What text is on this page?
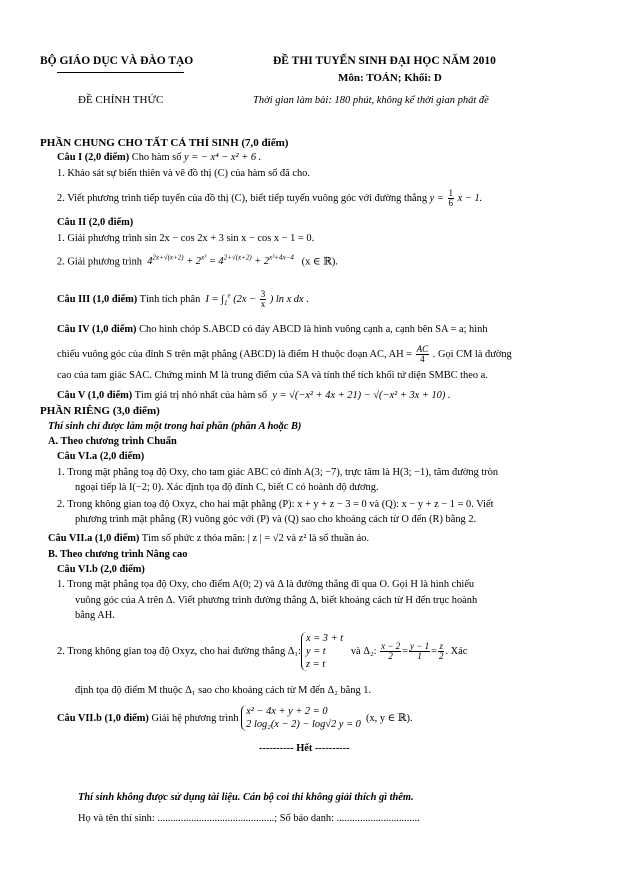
BỘ GIÁO DỤC VÀ ĐÀO TẠO
ĐỀ CHÍNH THỨC
ĐỀ THI TUYỂN SINH ĐẠI HỌC NĂM 2010
Môn: TOÁN; Khối: D
Thời gian làm bài: 180 phút, không kể thời gian phát đề
PHẦN CHUNG CHO TẤT CẢ THÍ SINH (7,0 điểm)
Câu I (2,0 điểm) Cho hàm số y = − x⁴ − x² + 6 .
1. Khảo sát sự biến thiên và vẽ đồ thị (C) của hàm số đã cho.
2. Viết phương trình tiếp tuyến của đồ thị (C), biết tiếp tuyến vuông góc với đường thẳng $y = \frac{1}{6}$ x − 1.
Câu II (2,0 điểm)
1. Giải phương trình sin 2x − cos 2x + 3 sin x − cos x − 1 = 0.
2. Giải phương trình  $4^{2x+√(x+2)} + 2^{x^3} = 4^{2+√(x+2)} + 2^{x^3+4x-4}$ (x ∈ ℝ).
Câu III (1,0 điểm) Tính tích phân  $I = \int_1^e$ ($2x - \frac{3}{x}$ ) ln x dx .
Câu IV (1,0 điểm) Cho hình chóp S.ABCD có đáy ABCD là hình vuông cạnh a, cạnh bên SA = a; hình
chiếu vuông góc của đỉnh S trên mặt phẳng (ABCD) là điểm H thuộc đoạn AC, AH = $\frac{AC}{4}$ . Gọi CM là đường
cao của tam giác SAC. Chứng minh M là trung điểm của SA và tính thể tích khối tứ diện SMBC theo a.
Câu V (1,0 điểm) Tìm giá trị nhỏ nhất của hàm số  y = √(−x² + 4x + 21) − √(−x² + 3x + 10) .
PHẦN RIÊNG (3,0 điểm)
Thí sinh chỉ được làm một trong hai phần (phần A hoặc B)
A. Theo chương trình Chuẩn
Câu VI.a (2,0 điểm)
1. Trong mặt phẳng toạ độ Oxy, cho tam giác ABC có đỉnh A(3; −7), trực tâm là H(3; −1), tâm đường tròn
ngoại tiếp là I(−2; 0). Xác định tọa độ đỉnh C, biết C có hoành độ dương.
2. Trong không gian toạ độ Oxyz, cho hai mặt phẳng (P): x + y + z − 3 = 0 và (Q): x − y + z − 1 = 0. Viết
phương trình mặt phẳng (R) vuông góc với (P) và (Q) sao cho khoảng cách từ O đến (R) bằng 2.
Câu VII.a (1,0 điểm) Tìm số phức z thỏa mãn: | z | = √2 và z² là số thuần ảo.
B. Theo chương trình Nâng cao
Câu VI.b (2,0 điểm)
1. Trong mặt phẳng tọa độ Oxy, cho điểm A(0; 2) và Δ là đường thẳng đi qua O. Gọi H là hình chiếu
vuông góc của A trên Δ. Viết phương trình đường thẳng Δ, biết khoảng cách từ H đến trục hoành
bằng AH.
2. Trong không gian toạ độ Oxyz, cho hai đường thẳng Δ₁:
x = 3 + t
y = t
z = t

và Δ₂:
$\frac{x - 2}{2} = \frac{y - 1}{1} = \frac{z}{2}$ . Xác
định tọa độ điểm M thuộc Δ₁ sao cho khoảng cách từ M đến Δ₂ bằng 1.
Câu VII.b (1,0 điểm)
Giải hệ phương trình

x² − 4x + y + 2 = 0
2 log₂(x − 2) − log√2 y = 0

(x, y ∈ ℝ).
---------- Hết ----------
Thí sinh không được sử dụng tài liệu. Cán bộ coi thi không giải thích gì thêm.
Họ và tên thí sinh: .............................................; Số báo danh: ................................
